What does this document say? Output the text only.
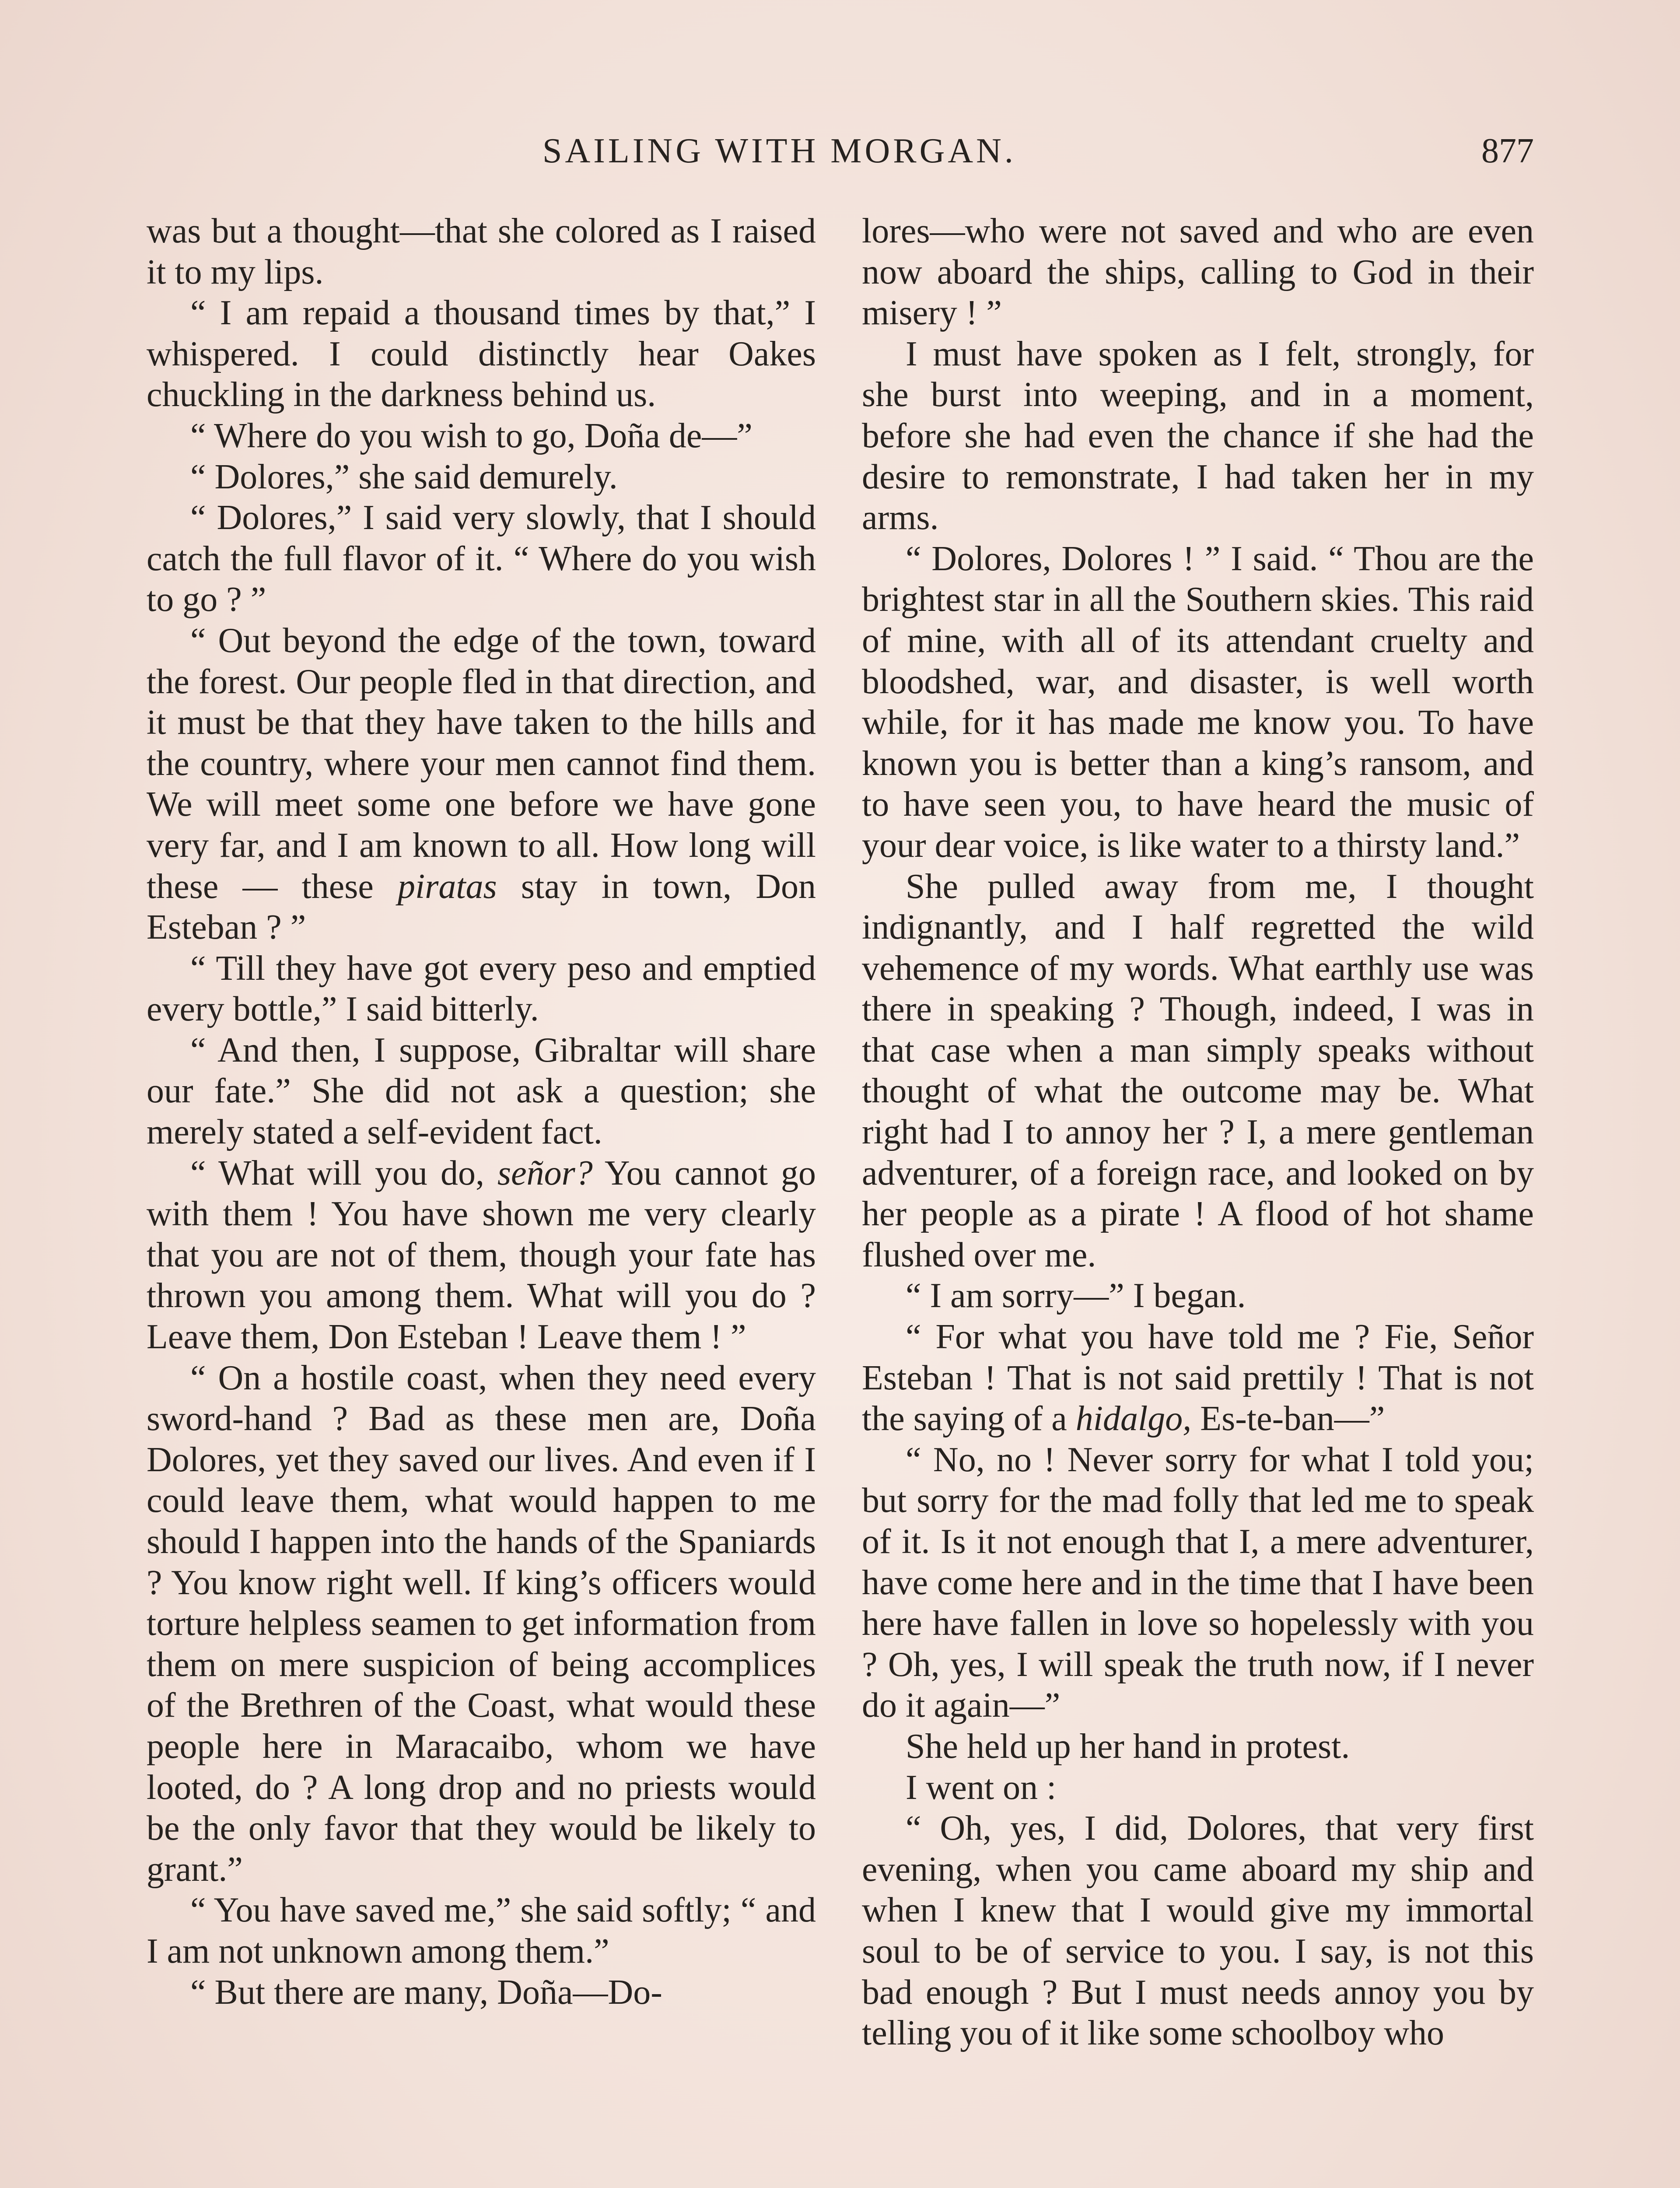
SAILING WITH MORGAN.	877

was but a thought—that she colored as I raised it to my lips.

“ I am repaid a thousand times by that,” I whispered. I could distinctly hear Oakes chuckling in the darkness behind us.

“ Where do you wish to go, Doña de—”

“ Dolores,” she said demurely.

“ Dolores,” I said very slowly, that I should catch the full flavor of it. “ Where do you wish to go ? ”

“ Out beyond the edge of the town, toward the forest. Our people fled in that direction, and it must be that they have taken to the hills and the country, where your men cannot find them. We will meet some one before we have gone very far, and I am known to all. How long will these — these piratas stay in town, Don Esteban ? ”

“ Till they have got every peso and emptied every bottle,” I said bitterly.

“ And then, I suppose, Gibraltar will share our fate.” She did not ask a question; she merely stated a self-evident fact.

“ What will you do, señor? You cannot go with them ! You have shown me very clearly that you are not of them, though your fate has thrown you among them. What will you do ? Leave them, Don Esteban ! Leave them ! ”

“ On a hostile coast, when they need every sword-hand ? Bad as these men are, Doña Dolores, yet they saved our lives. And even if I could leave them, what would happen to me should I happen into the hands of the Spaniards ? You know right well. If king’s officers would torture helpless seamen to get information from them on mere suspicion of being accomplices of the Brethren of the Coast, what would these people here in Maracaibo, whom we have looted, do ? A long drop and no priests would be the only favor that they would be likely to grant.”

“ You have saved me,” she said softly; “ and I am not unknown among them.”

“ But there are many, Doña—Do-

lores—who were not saved and who are even now aboard the ships, calling to God in their misery ! ”

I must have spoken as I felt, strongly, for she burst into weeping, and in a moment, before she had even the chance if she had the desire to remonstrate, I had taken her in my arms.

“ Dolores, Dolores ! ” I said. “ Thou are the brightest star in all the Southern skies. This raid of mine, with all of its attendant cruelty and bloodshed, war, and disaster, is well worth while, for it has made me know you. To have known you is better than a king’s ransom, and to have seen you, to have heard the music of your dear voice, is like water to a thirsty land.”

She pulled away from me, I thought indignantly, and I half regretted the wild vehemence of my words. What earthly use was there in speaking ? Though, indeed, I was in that case when a man simply speaks without thought of what the outcome may be. What right had I to annoy her ? I, a mere gentleman adventurer, of a foreign race, and looked on by her people as a pirate ! A flood of hot shame flushed over me.

“ I am sorry—” I began.

“ For what you have told me ? Fie, Señor Esteban ! That is not said prettily ! That is not the saying of a hidalgo, Es-te-ban—”

“ No, no ! Never sorry for what I told you; but sorry for the mad folly that led me to speak of it. Is it not enough that I, a mere adventurer, have come here and in the time that I have been here have fallen in love so hopelessly with you ? Oh, yes, I will speak the truth now, if I never do it again—”

She held up her hand in protest.

I went on :

“ Oh, yes, I did, Dolores, that very first evening, when you came aboard my ship and when I knew that I would give my immortal soul to be of service to you. I say, is not this bad enough ? But I must needs annoy you by telling you of it like some schoolboy who
